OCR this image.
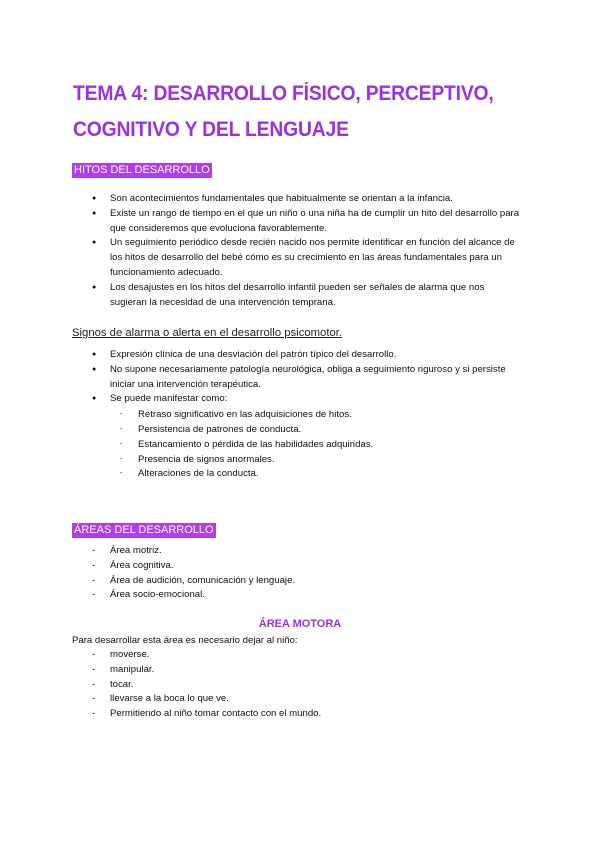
TEMA 4: DESARROLLO FÍSICO, PERCEPTIVO,
COGNITIVO Y DEL LENGUAJE
HITOS DEL DESARROLLO
● Son acontecimientos fundamentales que habitualmente se orientan a la infancia.
● Existe un rango de tiempo en el que un niño o una niña ha de cumplir un hito del desarrollo para que consideremos que evoluciona favorablemente.
● Un seguimiento periódico desde recién nacido nos permite identificar en función del alcance de los hitos de desarrollo del bebé cómo es su crecimiento en las áreas fundamentales para un funcionamiento adecuado.
● Los desajustes en los hitos del desarrollo infantil pueden ser señales de alarma que nos sugieran la necesidad de una intervención temprana.
Signos de alarma o alerta en el desarrollo psicomotor.
● Expresión clínica de una desviación del patrón típico del desarrollo.
● No supone necesariamente patología neurológica, obliga a seguimiento riguroso y si persiste iniciar una intervención terapéutica.
● Se puede manifestar como:
- Retraso significativo en las adquisiciones de hitos.
- Persistencia de patrones de conducta.
- Estancamiento o pérdida de las habilidades adquiridas.
- Presencia de signos anormales.
- Alteraciones de la conducta.
ÁREAS DEL DESARROLLO
- Área motriz.
- Área cognitiva.
- Área de audición, comunicación y lenguaje.
- Área socio-emocional.
ÁREA MOTORA
Para desarrollar esta área es necesario dejar al niño:
- moverse.
- manipular.
- tocar.
- llevarse a la boca lo que ve.
- Permitiendo al niño tomar contacto con el mundo.
